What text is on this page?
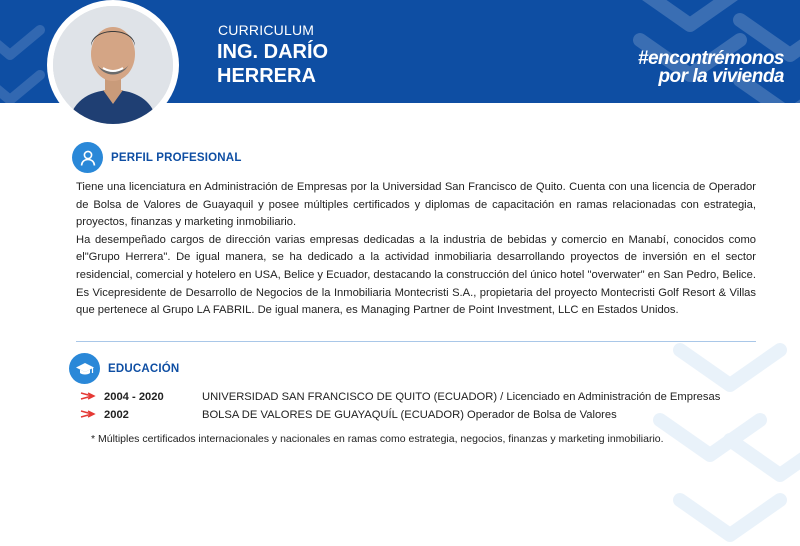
CURRICULUM
ING. DARÍO
HERRERA
#encontrémonos
por la vivienda
PERFIL PROFESIONAL

Tiene una licenciatura en Administración de Empresas por la Universidad San Francisco de Quito. Cuenta con una licencia de Operador de Bolsa de Valores de Guayaquil y posee múltiples certificados y diplomas de capacitación en ramas relacionadas con estrategia, proyectos, finanzas y marketing inmobiliario.

Ha desempeñado cargos de dirección varias empresas dedicadas a la industria de bebidas y comercio en Manabí, conocidos como el"Grupo Herrera". De igual manera, se ha dedicado a la actividad inmobiliaria desarrollando proyectos de inversión en el sector residencial, comercial y hotelero en USA, Belice y Ecuador, destacando la construcción del único hotel "overwater" en San Pedro, Belice. Es Vicepresidente de Desarrollo de Negocios de la Inmobiliaria Montecristi S.A., propietaria del proyecto Montecristi Golf Resort & Villas que pertenece al Grupo LA FABRIL. De igual manera, es Managing Partner de Point Investment, LLC en Estados Unidos.

EDUCACIÓN
2004 - 2020	UNIVERSIDAD SAN FRANCISCO DE QUITO (ECUADOR) / Licenciado en Administración de Empresas
2002	BOLSA DE VALORES DE GUAYAQUÍL (ECUADOR) Operador de Bolsa de Valores
* Múltiples certificados internacionales y nacionales en ramas como estrategia, negocios, finanzas y marketing inmobiliario.
